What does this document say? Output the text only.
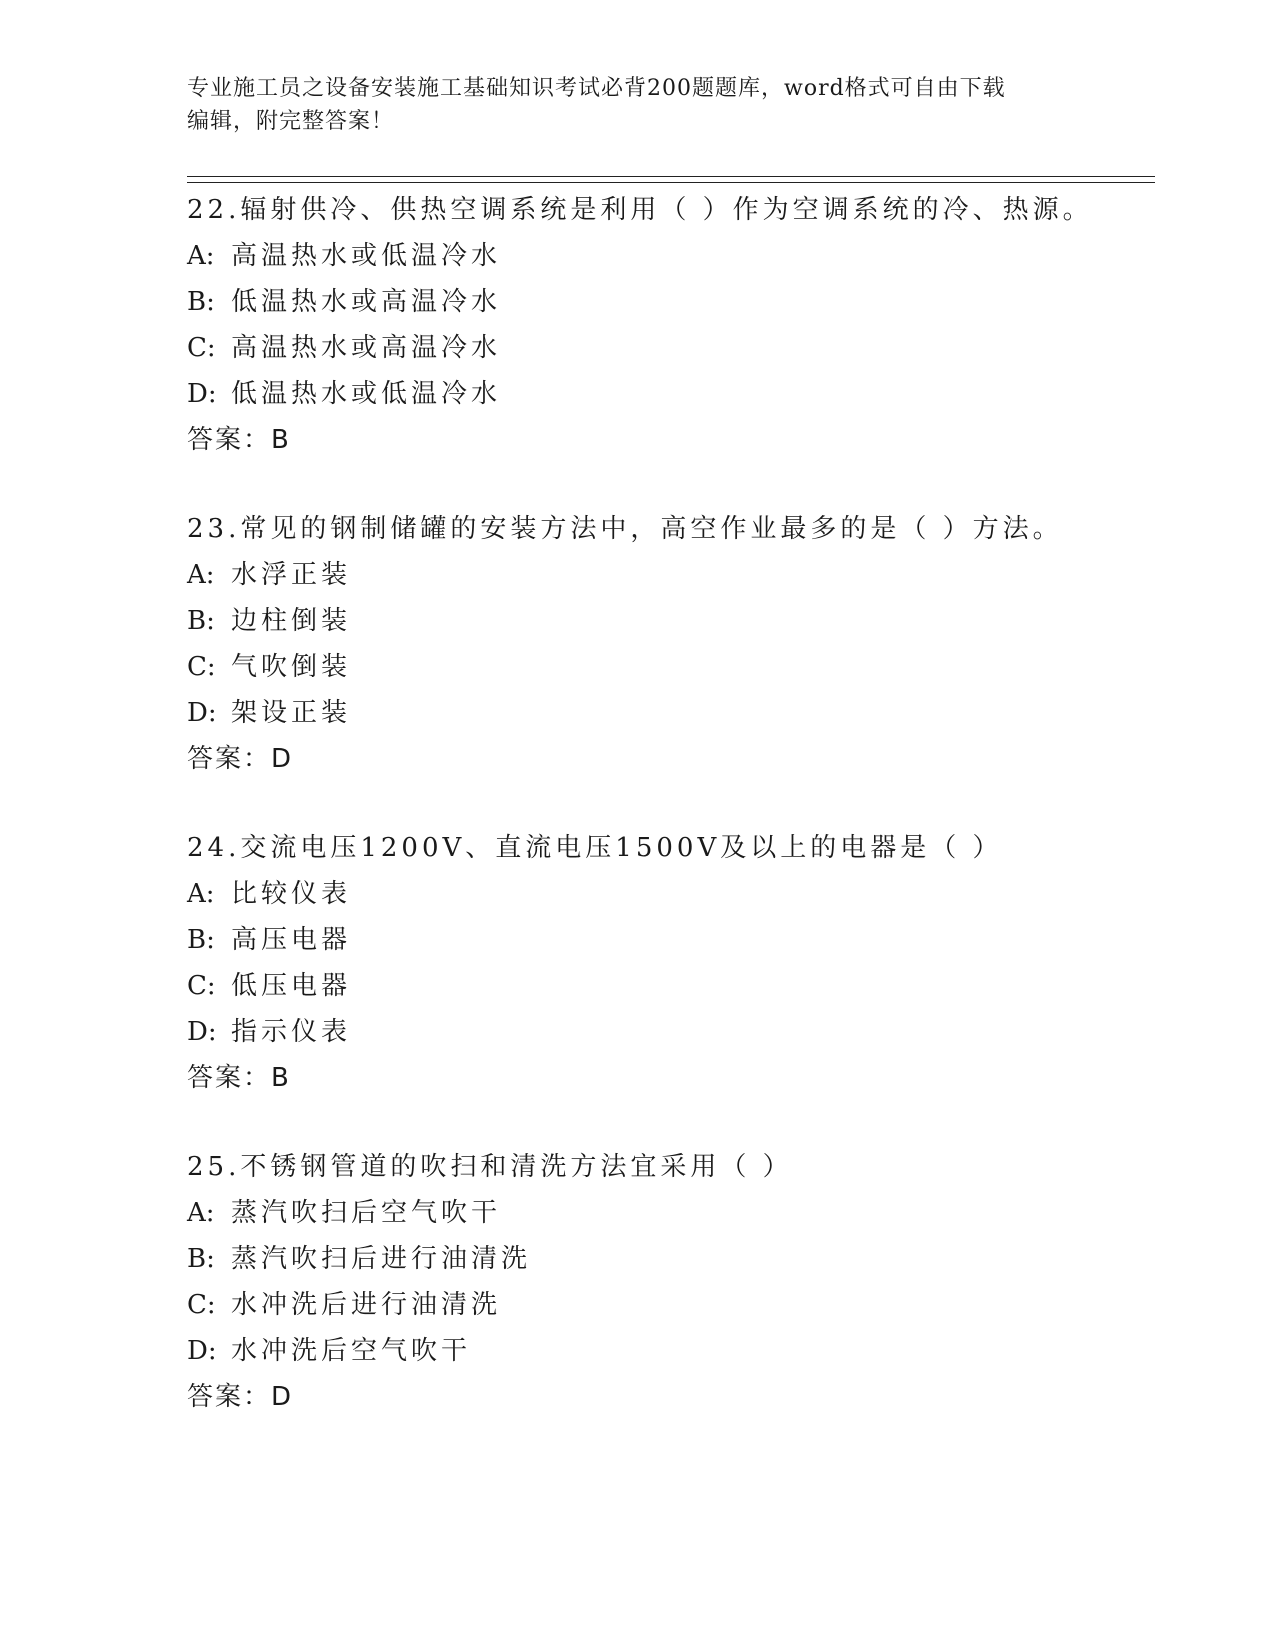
专业施工员之设备安装施工基础知识考试必背200题题库，word格式可自由下载
编辑，附完整答案！
22.辐射供冷、供热空调系统是利用（ ）作为空调系统的冷、热源。
A: 高温热水或低温冷水
B: 低温热水或高温冷水
C: 高温热水或高温冷水
D: 低温热水或低温冷水
答案：B
23.常见的钢制储罐的安装方法中，高空作业最多的是（ ）方法。
A: 水浮正装
B: 边柱倒装
C: 气吹倒装
D: 架设正装
答案：D
24.交流电压1200V、直流电压1500V及以上的电器是（ ）
A: 比较仪表
B: 高压电器
C: 低压电器
D: 指示仪表
答案：B
25.不锈钢管道的吹扫和清洗方法宜采用（ ）
A: 蒸汽吹扫后空气吹干
B: 蒸汽吹扫后进行油清洗
C: 水冲洗后进行油清洗
D: 水冲洗后空气吹干
答案：D
